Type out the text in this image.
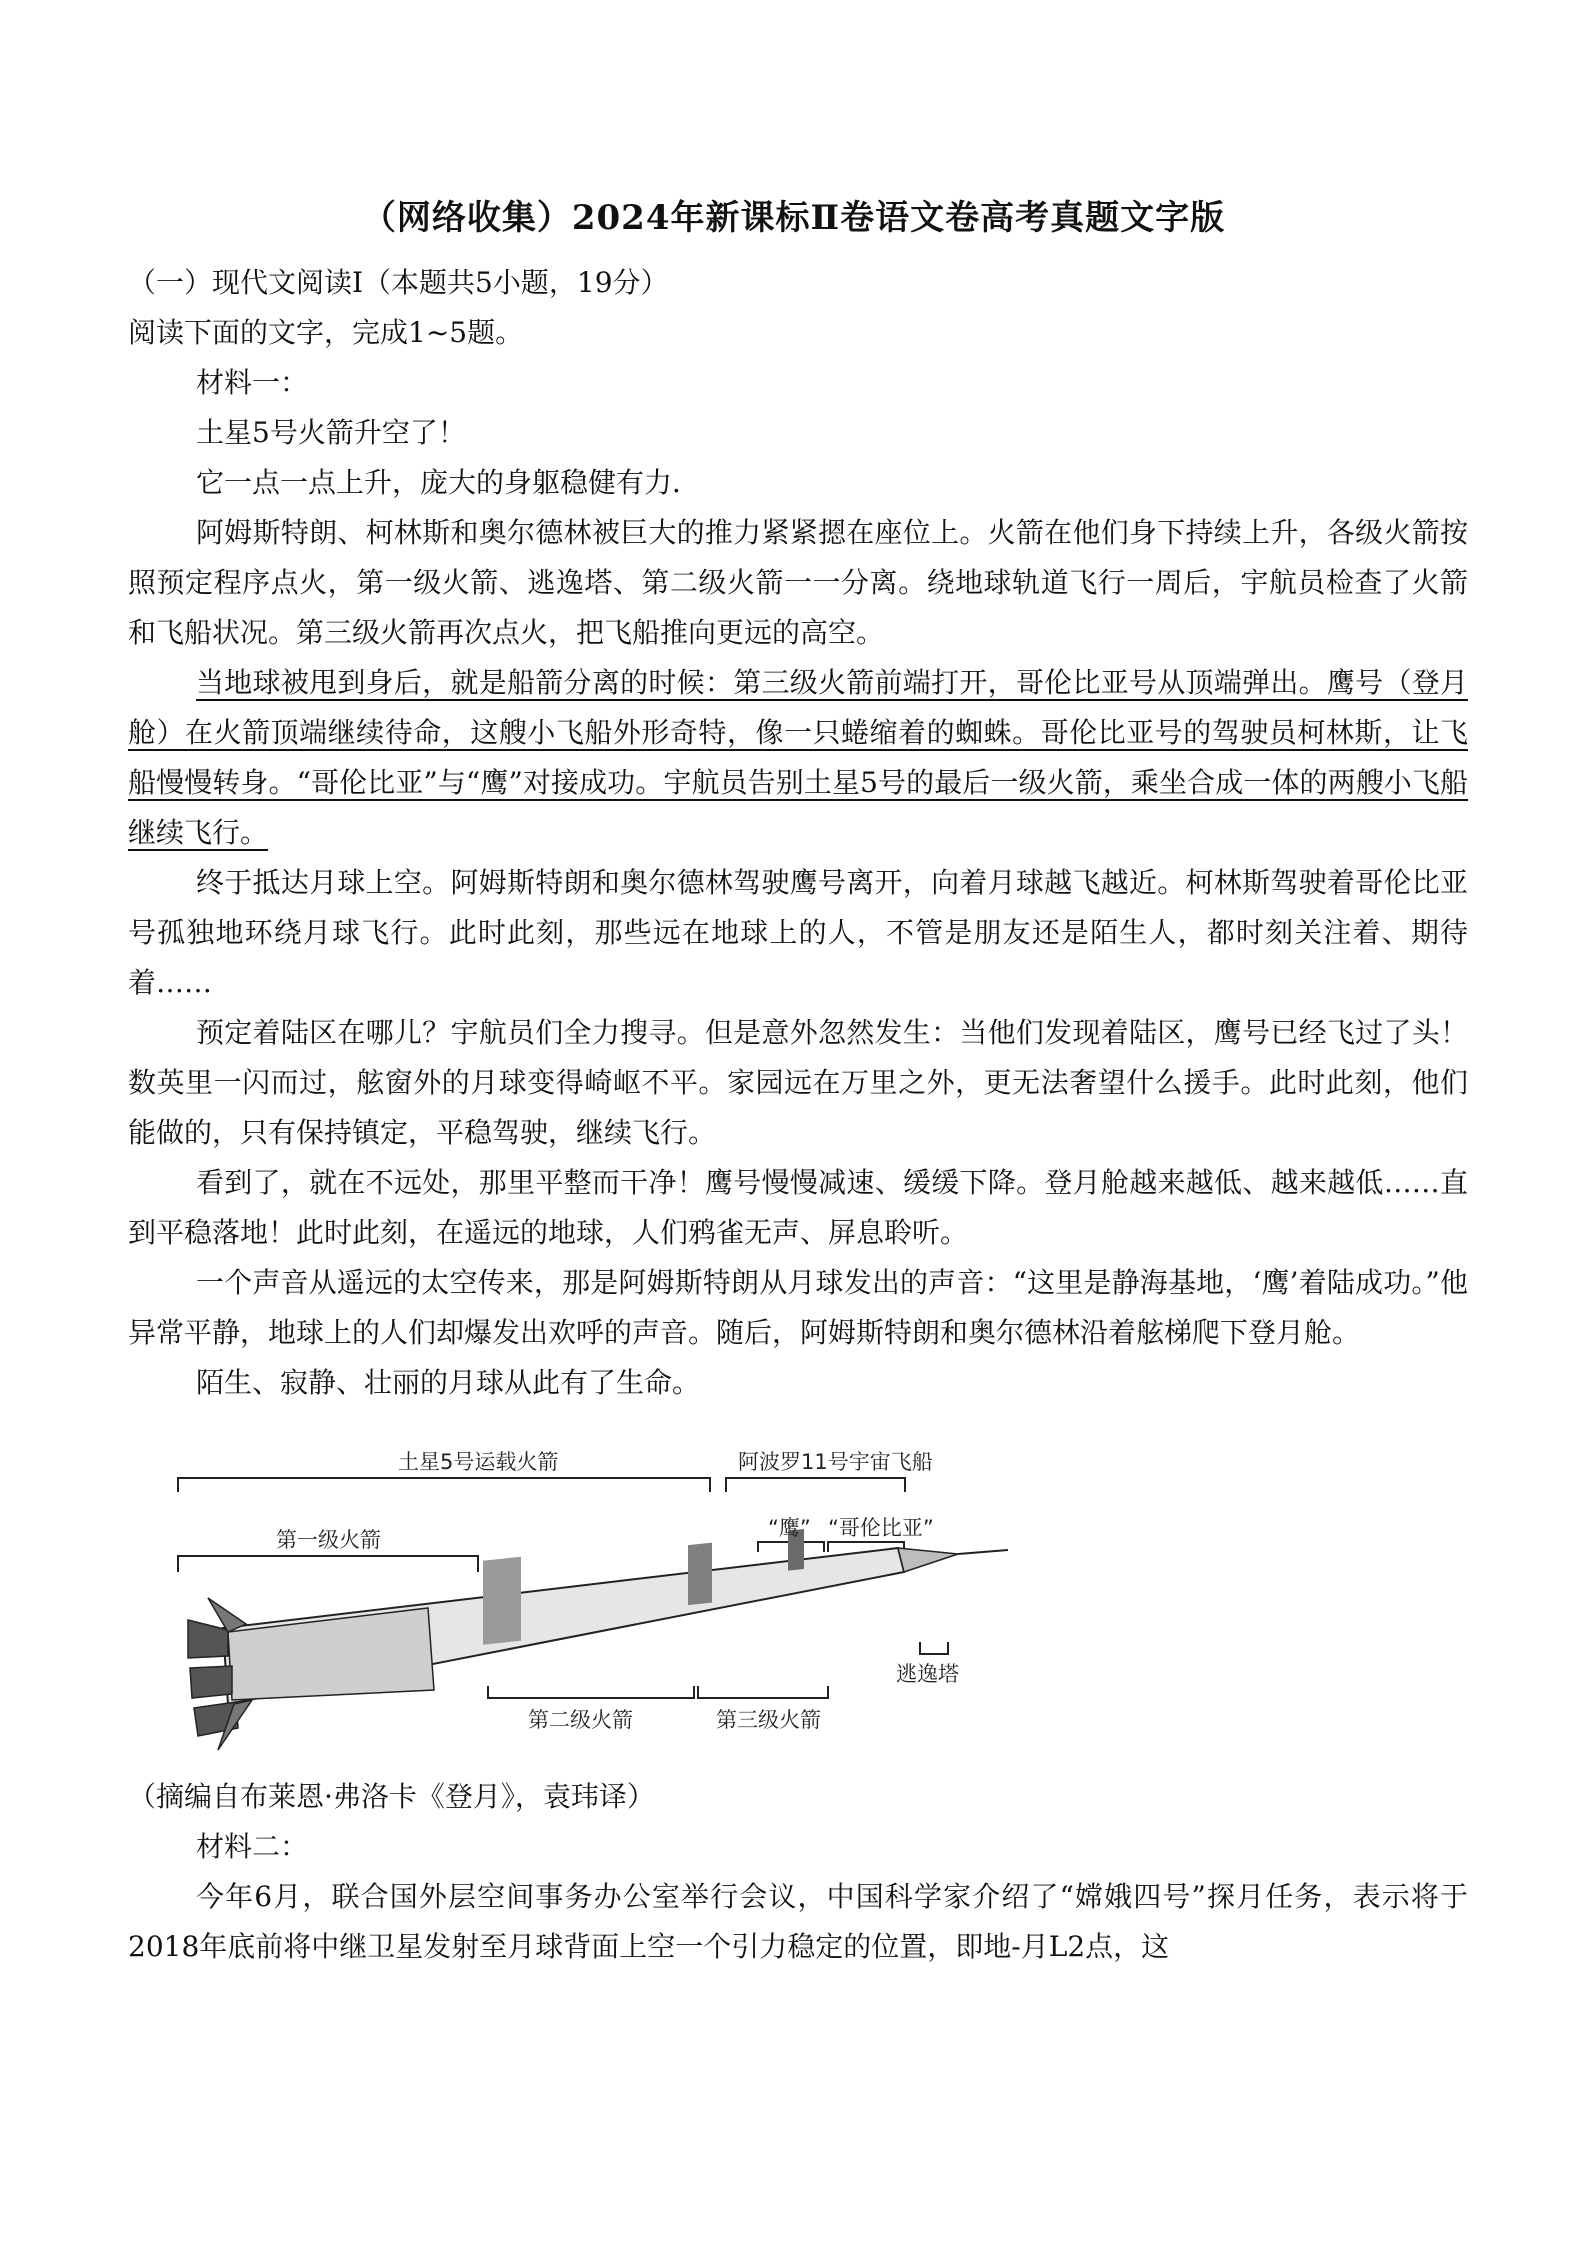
（网络收集）2024年新课标Ⅱ卷语文卷高考真题文字版

（一）现代文阅读Ⅰ（本题共5小题，19分）

阅读下面的文字，完成1~5题。

材料一：

土星5号火箭升空了！

它一点一点上升，庞大的身躯稳健有力．

阿姆斯特朗、柯林斯和奥尔德林被巨大的推力紧紧摁在座位上。火箭在他们身下持续上升，各级火箭按照预定程序点火，第一级火箭、逃逸塔、第二级火箭一一分离。绕地球轨道飞行一周后，宇航员检查了火箭和飞船状况。第三级火箭再次点火，把飞船推向更远的高空。

当地球被甩到身后，就是船箭分离的时候：第三级火箭前端打开，哥伦比亚号从顶端弹出。鹰号（登月舱）在火箭顶端继续待命，这艘小飞船外形奇特，像一只蜷缩着的蜘蛛。哥伦比亚号的驾驶员柯林斯，让飞船慢慢转身。“哥伦比亚”与“鹰”对接成功。宇航员告别土星5号的最后一级火箭，乘坐合成一体的两艘小飞船继续飞行。

终于抵达月球上空。阿姆斯特朗和奥尔德林驾驶鹰号离开，向着月球越飞越近。柯林斯驾驶着哥伦比亚号孤独地环绕月球飞行。此时此刻，那些远在地球上的人，不管是朋友还是陌生人，都时刻关注着、期待着……

预定着陆区在哪儿？宇航员们全力搜寻。但是意外忽然发生：当他们发现着陆区，鹰号已经飞过了头！数英里一闪而过，舷窗外的月球变得崎岖不平。家园远在万里之外，更无法奢望什么援手。此时此刻，他们能做的，只有保持镇定，平稳驾驶，继续飞行。

看到了，就在不远处，那里平整而干净！鹰号慢慢减速、缓缓下降。登月舱越来越低、越来越低……直到平稳落地！此时此刻，在遥远的地球，人们鸦雀无声、屏息聆听。

一个声音从遥远的太空传来，那是阿姆斯特朗从月球发出的声音：“这里是静海基地，‘鹰’着陆成功。”他异常平静，地球上的人们却爆发出欢呼的声音。随后，阿姆斯特朗和奥尔德林沿着舷梯爬下登月舱。

陌生、寂静、壮丽的月球从此有了生命。

土星5号运载火箭	阿波罗11号宇宙飞船
第一级火箭	“鹰” “哥伦比亚”
逃逸塔
第二级火箭	第三级火箭

（摘编自布莱恩·弗洛卡《登月》，袁玮译）

材料二：

今年6月，联合国外层空间事务办公室举行会议，中国科学家介绍了“嫦娥四号”探月任务，表示将于2018年底前将中继卫星发射至月球背面上空一个引力稳定的位置，即地-月L2点，这
